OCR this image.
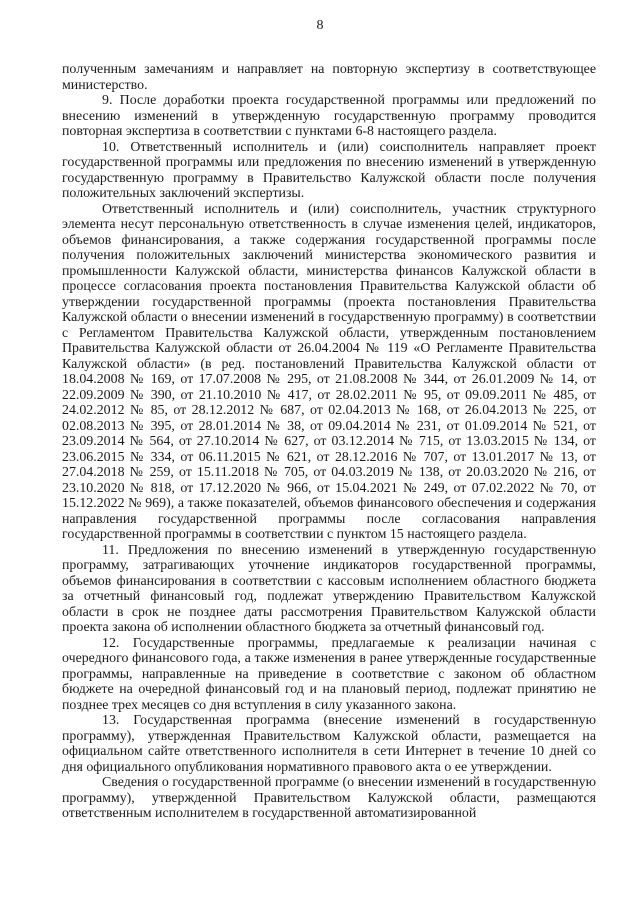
8

полученным замечаниям и направляет на повторную экспертизу в соответствующее министерство.

9. После доработки проекта государственной программы или предложений по внесению изменений в утвержденную государственную программу проводится повторная экспертиза в соответствии с пунктами 6-8 настоящего раздела.

10. Ответственный исполнитель и (или) соисполнитель направляет проект государственной программы или предложения по внесению изменений в утвержденную государственную программу в Правительство Калужской области после получения положительных заключений экспертизы.

Ответственный исполнитель и (или) соисполнитель, участник структурного элемента несут персональную ответственность в случае изменения целей, индикаторов, объемов финансирования, а также содержания государственной программы после получения положительных заключений министерства экономического развития и промышленности Калужской области, министерства финансов Калужской области в процессе согласования проекта постановления Правительства Калужской области об утверждении государственной программы (проекта постановления Правительства Калужской области о внесении изменений в государственную программу) в соответствии с Регламентом Правительства Калужской области, утвержденным постановлением Правительства Калужской области от 26.04.2004 № 119 «О Регламенте Правительства Калужской области» (в ред. постановлений Правительства Калужской области от 18.04.2008 № 169, от 17.07.2008 № 295, от 21.08.2008 № 344, от 26.01.2009 № 14, от 22.09.2009 № 390, от 21.10.2010 № 417, от 28.02.2011 № 95, от 09.09.2011 № 485, от 24.02.2012 № 85, от 28.12.2012 № 687, от 02.04.2013 № 168, от 26.04.2013 № 225, от 02.08.2013 № 395, от 28.01.2014 № 38, от 09.04.2014 № 231, от 01.09.2014 № 521, от 23.09.2014 № 564, от 27.10.2014 № 627, от 03.12.2014 № 715, от 13.03.2015 № 134, от 23.06.2015 № 334, от 06.11.2015 № 621, от 28.12.2016 № 707, от 13.01.2017 № 13, от 27.04.2018 № 259, от 15.11.2018 № 705, от 04.03.2019 № 138, от 20.03.2020 № 216, от 23.10.2020 № 818, от 17.12.2020 № 966, от 15.04.2021 № 249, от 07.02.2022 № 70, от 15.12.2022 № 969), а также показателей, объемов финансового обеспечения и содержания направления государственной программы после согласования направления государственной программы в соответствии с пунктом 15 настоящего раздела.

11. Предложения по внесению изменений в утвержденную государственную программу, затрагивающих уточнение индикаторов государственной программы, объемов финансирования в соответствии с кассовым исполнением областного бюджета за отчетный финансовый год, подлежат утверждению Правительством Калужской области в срок не позднее даты рассмотрения Правительством Калужской области проекта закона об исполнении областного бюджета за отчетный финансовый год.

12. Государственные программы, предлагаемые к реализации начиная с очередного финансового года, а также изменения в ранее утвержденные государственные программы, направленные на приведение в соответствие с законом об областном бюджете на очередной финансовый год и на плановый период, подлежат принятию не позднее трех месяцев со дня вступления в силу указанного закона.

13. Государственная программа (внесение изменений в государственную программу), утвержденная Правительством Калужской области, размещается на официальном сайте ответственного исполнителя в сети Интернет в течение 10 дней со дня официального опубликования нормативного правового акта о ее утверждении.

Сведения о государственной программе (о внесении изменений в государственную программу), утвержденной Правительством Калужской области, размещаются ответственным исполнителем в государственной автоматизированной
